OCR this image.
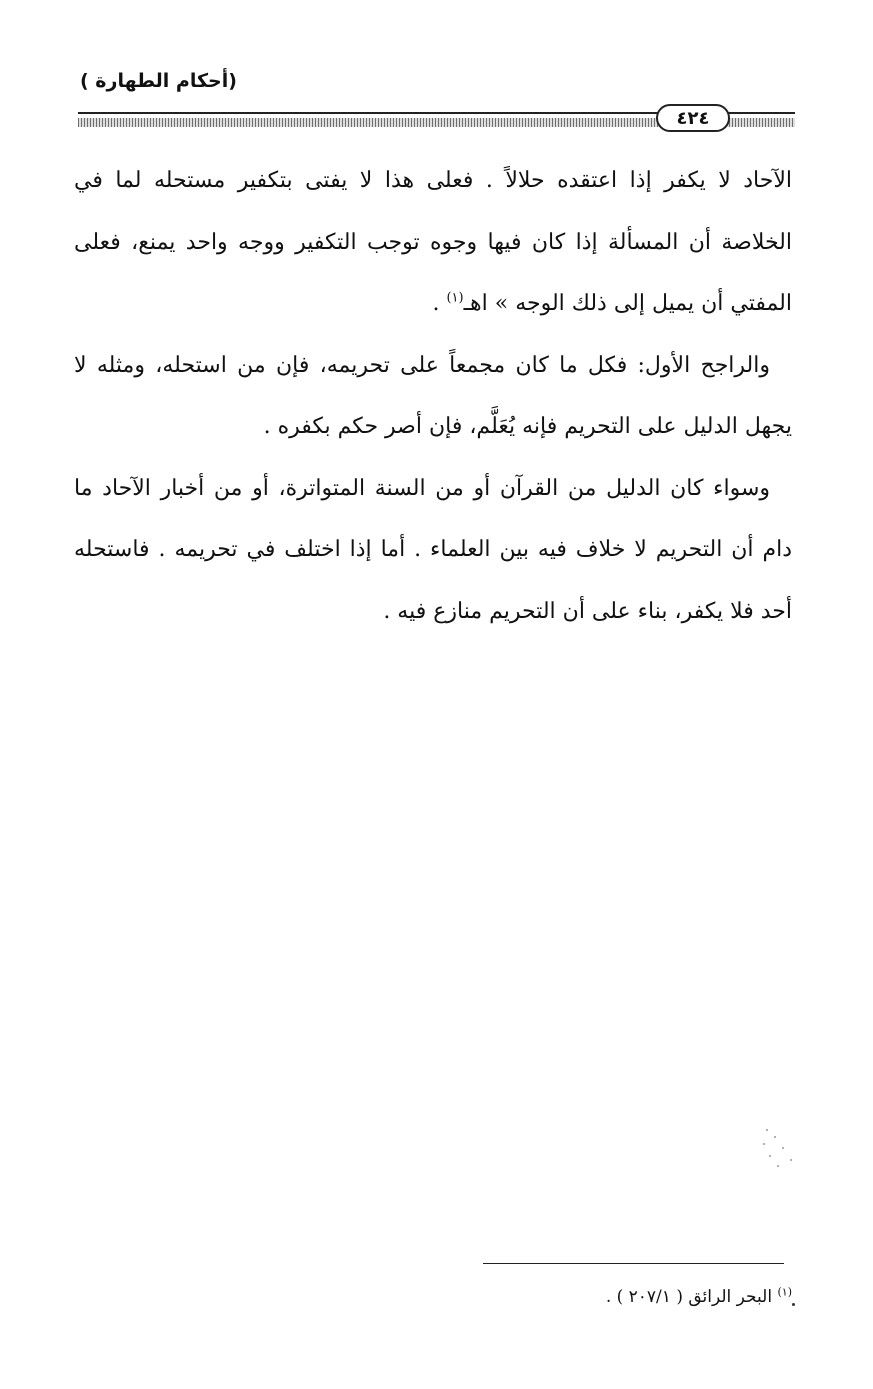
(أحكام الطهارة )
٤٢٤

الآحاد لا يكفر إذا اعتقده حلالاً . فعلى هذا لا يفتى بتكفير مستحله لما في الخلاصة أن المسألة إذا كان فيها وجوه توجب التكفير ووجه واحد يمنع، فعلى المفتي أن يميل إلى ذلك الوجه » اهـ$^{(١)}$ .

والراجح الأول: فكل ما كان مجمعاً على تحريمه، فإن من استحله، ومثله لا يجهل الدليل على التحريم فإنه يُعَلَّم، فإن أصر حكم بكفره .

وسواء كان الدليل من القرآن أو من السنة المتواترة، أو من أخبار الآحاد ما دام أن التحريم لا خلاف فيه بين العلماء . أما إذا اختلف في تحريمه . فاستحله أحد فلا يكفر، بناء على أن التحريم منازع فيه .

$^{(١)}$ البحر الرائق ( ٢٠٧/١ ) .
